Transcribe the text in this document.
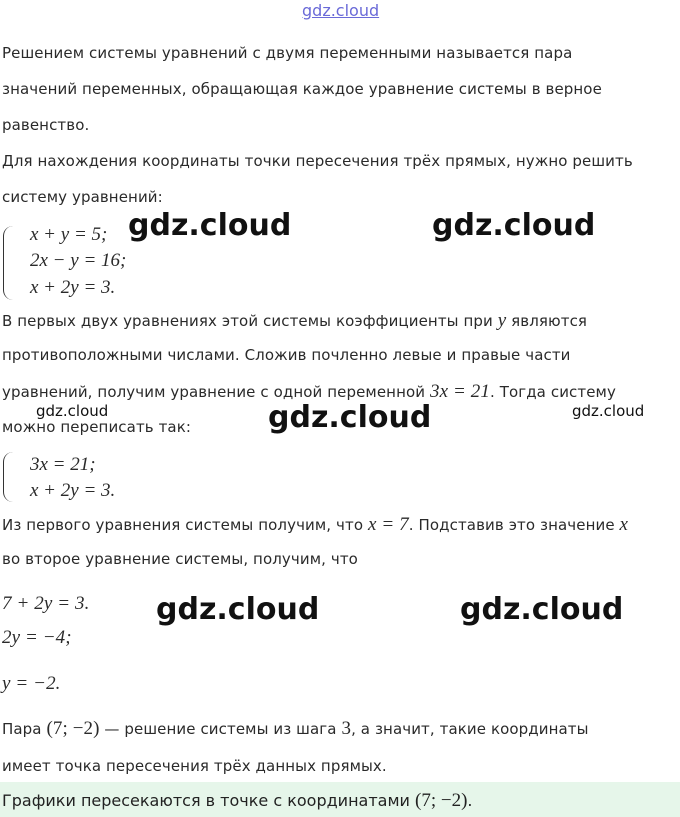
gdz.cloud
Решением системы уравнений с двумя переменными называется пара
значений переменных, обращающая каждое уравнение системы в верное
равенство.
Для нахождения координаты точки пересечения трёх прямых, нужно решить
систему уравнений:
x + y = 5;
2x − y = 16;
x + 2y = 3.
В первых двух уравнениях этой системы коэффициенты при y являются
противоположными числами. Сложив почленно левые и правые части
уравнений, получим уравнение с одной переменной 3x = 21. Тогда систему
можно переписать так:
3x = 21;
x + 2y = 3.
Из первого уравнения системы получим, что x = 7. Подставив это значение x
во второе уравнение системы, получим, что
7 + 2y = 3.
2y = −4;
y = −2.
Пара (7; −2) — решение системы из шага 3, а значит, такие координаты
имеет точка пересечения трёх данных прямых.
Графики пересекаются в точке с координатами (7; −2).
gdz.cloud	gdz.cloud
gdz.cloud	gdz.cloud	gdz.cloud
gdz.cloud	gdz.cloud
